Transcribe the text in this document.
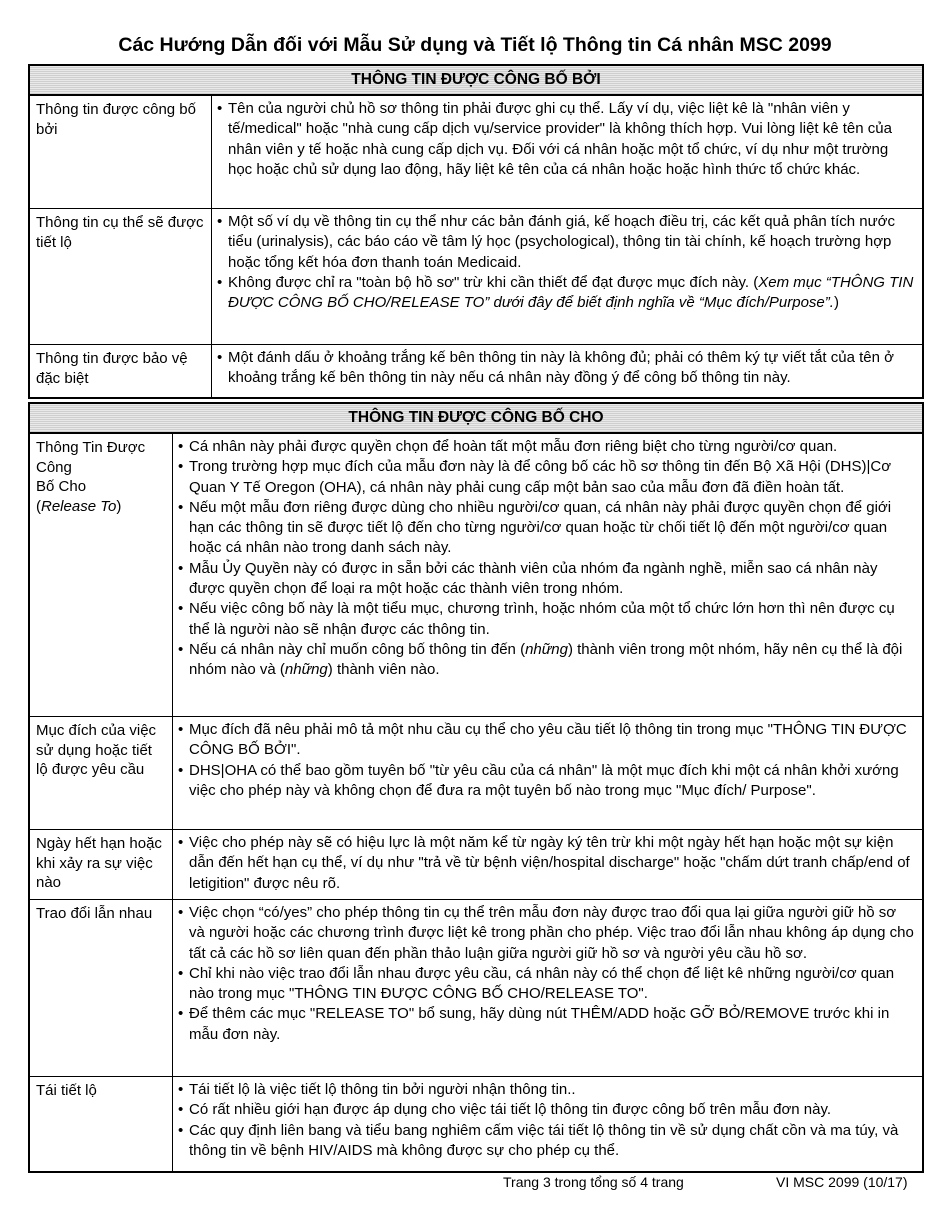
Các Hướng Dẫn đối với Mẫu Sử dụng và Tiết lộ Thông tin Cá nhân MSC 2099
THÔNG TIN ĐƯỢC CÔNG BỐ BỞI
Thông tin được công bố bởi
• Tên của người chủ hồ sơ thông tin phải được ghi cụ thể. Lấy ví dụ, việc liệt kê là "nhân viên y tế/medical" hoặc "nhà cung cấp dịch vụ/service provider" là không thích hợp. Vui lòng liệt kê tên của nhân viên y tế hoặc nhà cung cấp dịch vụ. Đối với cá nhân hoặc một tổ chức, ví dụ như một trường học hoặc chủ sử dụng lao động, hãy liệt kê tên của cá nhân hoặc hoặc hình thức tổ chức khác.
Thông tin cụ thể sẽ được tiết lộ
• Một số ví dụ về thông tin cụ thể như các bản đánh giá, kế hoạch điều trị, các kết quả phân tích nước tiểu (urinalysis), các báo cáo về tâm lý học (psychological), thông tin tài chính, kế hoạch trường hợp hoặc tổng kết hóa đơn thanh toán Medicaid.
• Không được chỉ ra "toàn bộ hồ sơ" trừ khi cần thiết để đạt được mục đích này. (Xem mục “THÔNG TIN ĐƯỢC CÔNG BỐ CHO/RELEASE TO” dưới đây để biết định nghĩa về “Mục đích/Purpose”.)
Thông tin được bảo vệ đặc biệt
• Một đánh dấu ở khoảng trắng kế bên thông tin này là không đủ; phải có thêm ký tự viết tắt của tên ở khoảng trắng kế bên thông tin này nếu cá nhân này đồng ý để công bố thông tin này.
THÔNG TIN ĐƯỢC CÔNG BỐ CHO
Thông Tin Được Công
Bố Cho
(Release To)
• Cá nhân này phải được quyền chọn để hoàn tất một mẫu đơn riêng biệt cho từng người/cơ quan.
• Trong trường hợp mục đích của mẫu đơn này là để công bố các hồ sơ thông tin đến Bộ Xã Hội (DHS)|Cơ Quan Y Tế Oregon (OHA), cá nhân này phải cung cấp một bản sao của mẫu đơn đã điền hoàn tất.
• Nếu một mẫu đơn riêng được dùng cho nhiều người/cơ quan, cá nhân này phải được quyền chọn để giới hạn các thông tin sẽ được tiết lộ đến cho từng người/cơ quan hoặc từ chối tiết lộ đến một người/cơ quan hoặc cá nhân nào trong danh sách này.
• Mẫu Ủy Quyền này có được in sẵn bởi các thành viên của nhóm đa ngành nghề, miễn sao cá nhân này được quyền chọn để loại ra một hoặc các thành viên trong nhóm.
• Nếu việc công bố này là một tiểu mục, chương trình, hoặc nhóm của một tổ chức lớn hơn thì nên được cụ thể là người nào sẽ nhận được các thông tin.
• Nếu cá nhân này chỉ muốn công bố thông tin đến (những) thành viên trong một nhóm, hãy nên cụ thể là đội nhóm nào và (những) thành viên nào.
Mục đích của việc sử dụng hoặc tiết lộ được yêu cầu
• Mục đích đã nêu phải mô tả một nhu cầu cụ thể cho yêu cầu tiết lộ thông tin trong mục "THÔNG TIN ĐƯỢC CÔNG BỐ BỞI".
• DHS|OHA có thể bao gồm tuyên bố "từ yêu cầu của cá nhân" là một mục đích khi một cá nhân khởi xướng việc cho phép này và không chọn để đưa ra một tuyên bố nào trong mục "Mục đích/ Purpose".
Ngày hết hạn hoặc khi xảy ra sự việc nào
• Việc cho phép này sẽ có hiệu lực là một năm kể từ ngày ký tên trừ khi một ngày hết hạn hoặc một sự kiện dẫn đến hết hạn cụ thể, ví dụ như "trả về từ bệnh viện/hospital discharge" hoặc "chấm dứt tranh chấp/end of letigition" được nêu rõ.
Trao đổi lẫn nhau	• Việc chọn “có/yes” cho phép thông tin cụ thể trên mẫu đơn này được trao đổi qua lại giữa người giữ hồ sơ và người hoặc các chương trình được liệt kê trong phần cho phép. Việc trao đổi lẫn nhau không áp dụng cho tất cả các hồ sơ liên quan đến phần thảo luận giữa người giữ hồ sơ và người yêu cầu hồ sơ.
• Chỉ khi nào việc trao đổi lẫn nhau được yêu cầu, cá nhân này có thể chọn để liệt kê những người/cơ quan nào trong mục "THÔNG TIN ĐƯỢC CÔNG BỐ CHO/RELEASE TO".
• Để thêm các mục "RELEASE TO" bổ sung, hãy dùng nút THÊM/ADD hoặc GỠ BỎ/REMOVE trước khi in mẫu đơn này.
Tái tiết lộ	• Tái tiết lộ là việc tiết lộ thông tin bởi người nhận thông tin..
• Có rất nhiều giới hạn được áp dụng cho việc tái tiết lộ thông tin được công bố trên mẫu đơn này.
• Các quy định liên bang và tiểu bang nghiêm cấm việc tái tiết lộ thông tin về sử dụng chất cồn và ma túy, và thông tin về bệnh HIV/AIDS mà không được sự cho phép cụ thể.
Trang 3 trong tổng số 4 trang	VI MSC 2099 (10/17)
